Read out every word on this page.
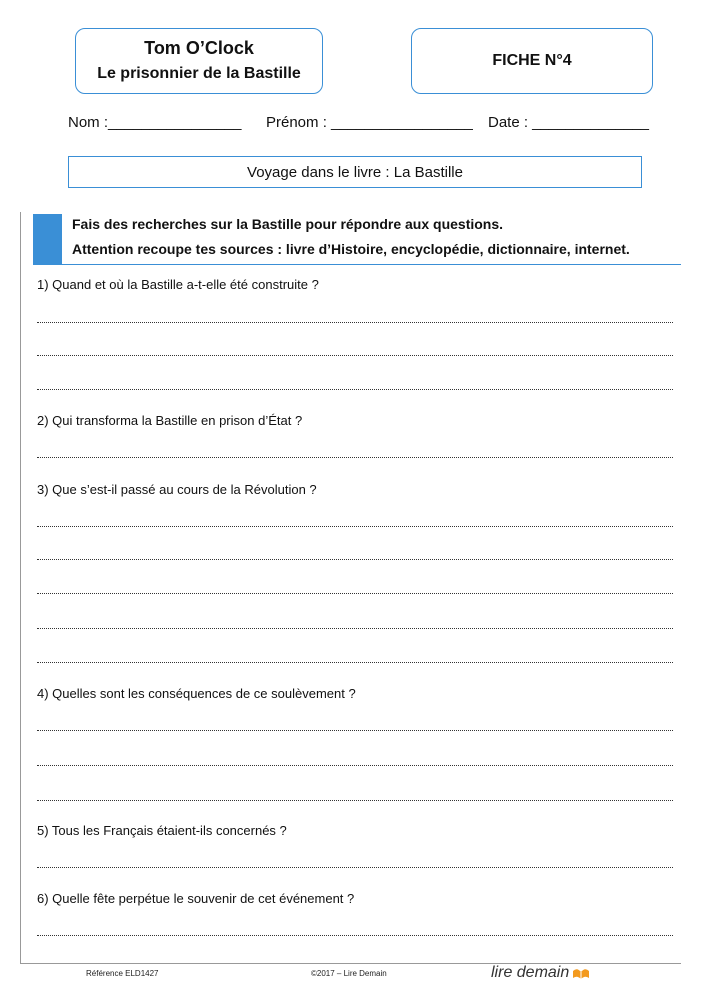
Tom O’Clock
Le prisonnier de la Bastille
FICHE N°4
Nom :________________ Prénom : _________________ Date : ______________
Voyage dans le livre : La Bastille
Fais des recherches sur la Bastille pour répondre aux questions.
Attention recoupe tes sources : livre d’Histoire, encyclopédie, dictionnaire, internet.
1) Quand et où la Bastille a-t-elle été construite ?
2) Qui transforma la Bastille en prison d’État ?
3) Que s’est-il passé au cours de la Révolution ?
4) Quelles sont les conséquences de ce soulèvement ?
5) Tous les Français étaient-ils concernés ?
6) Quelle fête perpétue le souvenir de cet événement ?
Référence ELD1427	©2017 – Lire Demain	lire demain
